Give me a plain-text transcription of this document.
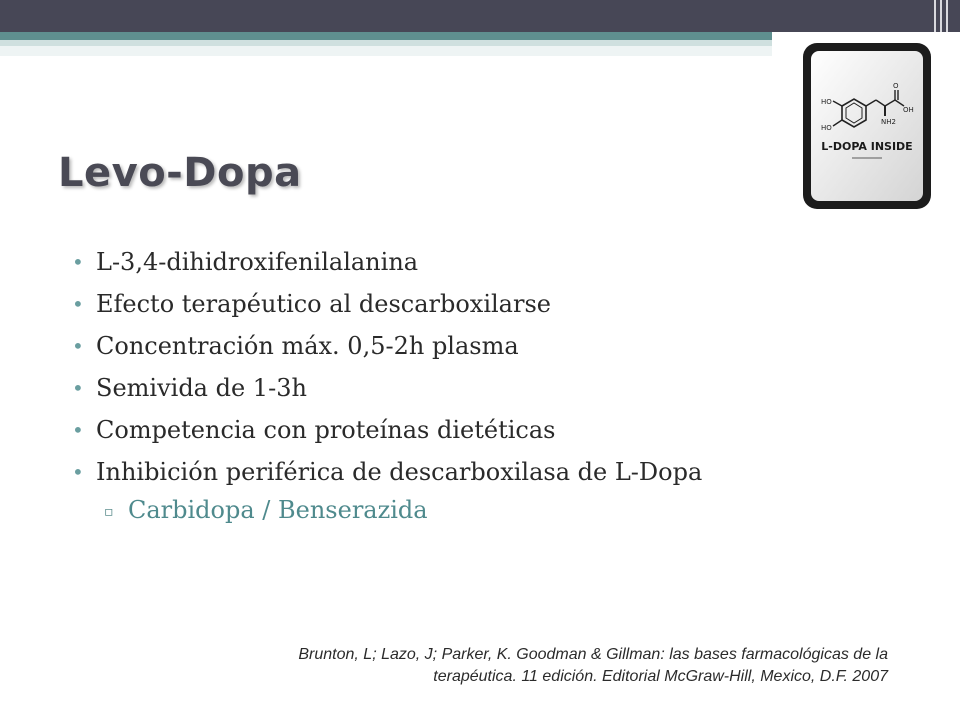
Levo-Dopa
HO
HO
O
OH
NH2
L-DOPA INSIDE
• L-3,4-dihidroxifenilalanina
• Efecto terapéutico al descarboxilarse
• Concentración máx. 0,5-2h plasma
• Semivida de 1-3h
• Competencia con proteínas dietéticas
• Inhibición periférica de descarboxilasa de L-Dopa
▫ Carbidopa / Benserazida
Brunton, L; Lazo, J; Parker, K. Goodman & Gillman: las bases farmacológicas de la
terapéutica. 11 edición. Editorial McGraw-Hill, Mexico, D.F. 2007
